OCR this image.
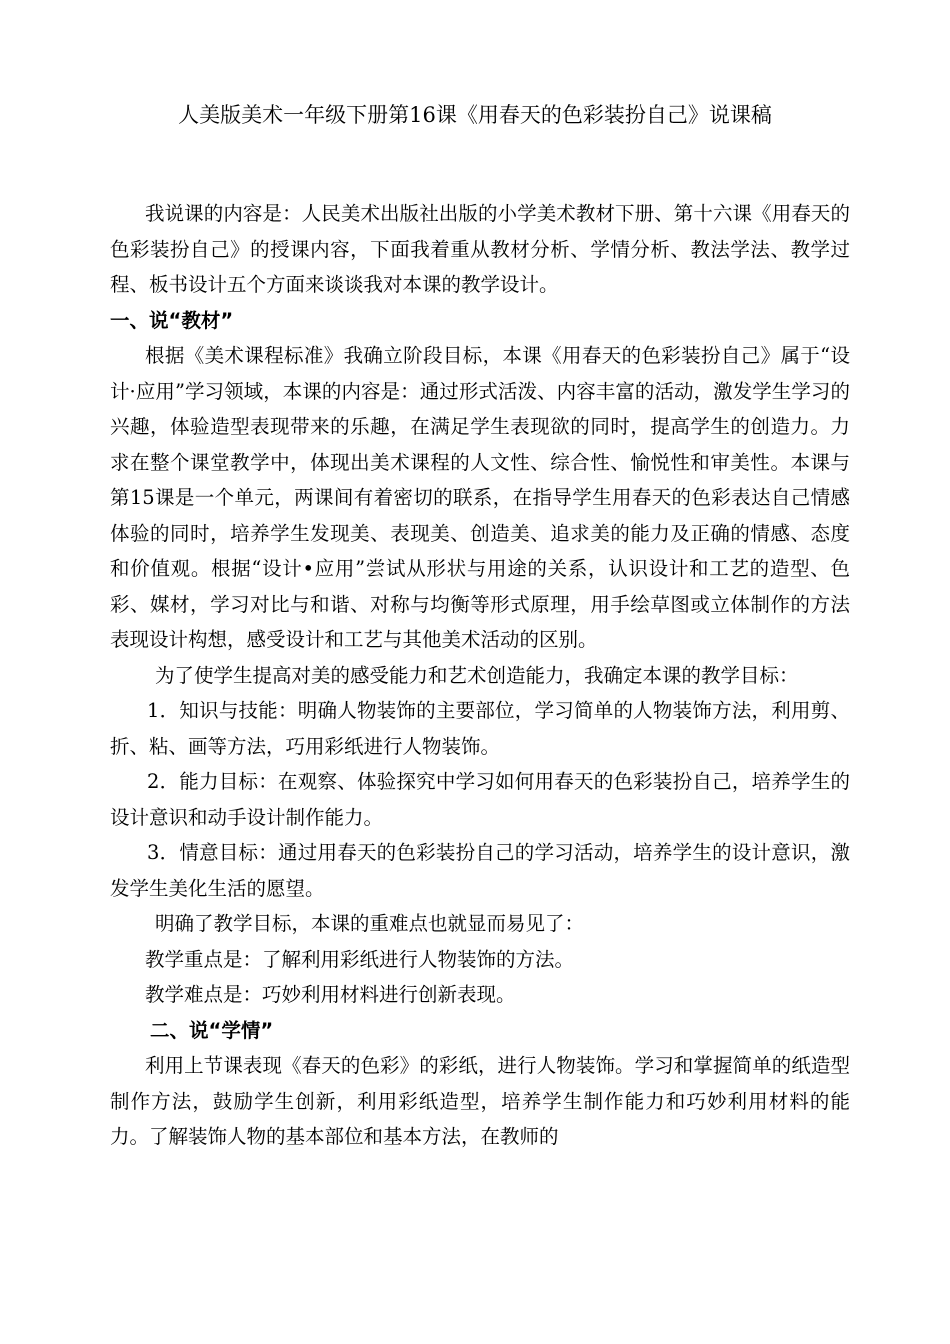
人美版美术一年级下册第16课《用春天的色彩装扮自己》说课稿

我说课的内容是：人民美术出版社出版的小学美术教材下册、第十六课《用春天的色彩装扮自己》的授课内容，下面我着重从教材分析、学情分析、教法学法、教学过程、板书设计五个方面来谈谈我对本课的教学设计。

一、说“教材”

根据《美术课程标准》我确立阶段目标，本课《用春天的色彩装扮自己》属于“设计·应用”学习领域，本课的内容是：通过形式活泼、内容丰富的活动，激发学生学习的兴趣，体验造型表现带来的乐趣，在满足学生表现欲的同时，提高学生的创造力。力求在整个课堂教学中，体现出美术课程的人文性、综合性、愉悦性和审美性。本课与第15课是一个单元，两课间有着密切的联系，在指导学生用春天的色彩表达自己情感体验的同时，培养学生发现美、表现美、创造美、追求美的能力及正确的情感、态度和价值观。根据“设计•应用”尝试从形状与用途的关系，认识设计和工艺的造型、色彩、媒材，学习对比与和谐、对称与均衡等形式原理，用手绘草图或立体制作的方法表现设计构想，感受设计和工艺与其他美术活动的区别。

为了使学生提高对美的感受能力和艺术创造能力，我确定本课的教学目标：

1．知识与技能：明确人物装饰的主要部位，学习简单的人物装饰方法，利用剪、折、粘、画等方法，巧用彩纸进行人物装饰。

2．能力目标：在观察、体验探究中学习如何用春天的色彩装扮自己，培养学生的设计意识和动手设计制作能力。

3．情意目标：通过用春天的色彩装扮自己的学习活动，培养学生的设计意识，激发学生美化生活的愿望。

明确了教学目标，本课的重难点也就显而易见了：

教学重点是：了解利用彩纸进行人物装饰的方法。

教学难点是：巧妙利用材料进行创新表现。

二、说“学情”

利用上节课表现《春天的色彩》的彩纸，进行人物装饰。学习和掌握简单的纸造型制作方法，鼓励学生创新，利用彩纸造型，培养学生制作能力和巧妙利用材料的能力。了解装饰人物的基本部位和基本方法，在教师的
